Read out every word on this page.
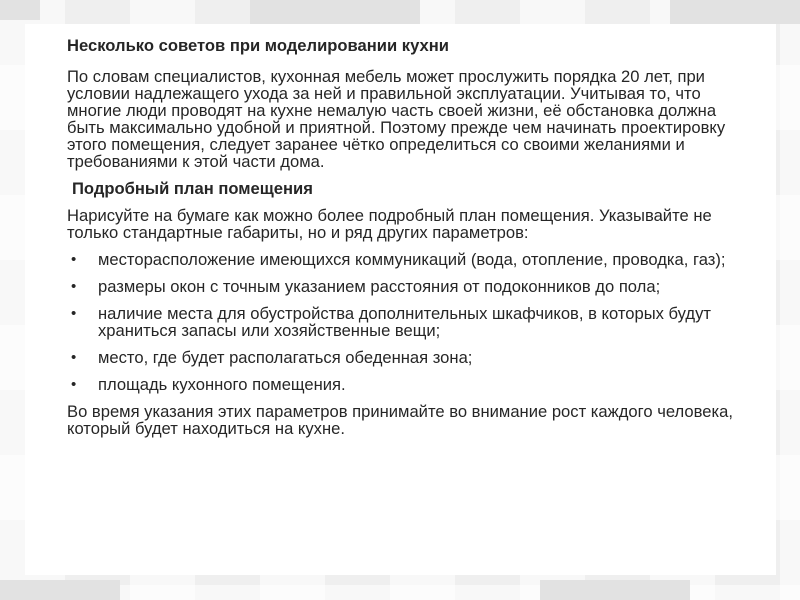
Несколько советов при моделировании кухни
По словам специалистов, кухонная мебель может прослужить порядка 20 лет, при условии надлежащего ухода за ней и правильной эксплуатации. Учитывая то, что многие люди проводят на кухне немалую часть своей жизни, её обстановка должна быть максимально удобной и приятной. Поэтому прежде чем начинать проектировку этого помещения, следует заранее чётко определиться со своими желаниями и требованиями к этой части дома.
Подробный план помещения
Нарисуйте на бумаге как можно более подробный план помещения. Указывайте не только стандартные габариты, но и ряд других параметров:
• месторасположение имеющихся коммуникаций (вода, отопление, проводка, газ);
• размеры окон с точным указанием расстояния от подоконников до пола;
• наличие места для обустройства дополнительных шкафчиков, в которых будут храниться запасы или хозяйственные вещи;
• место, где будет располагаться обеденная зона;
• площадь кухонного помещения.
Во время указания этих параметров принимайте во внимание рост каждого человека, который будет находиться на кухне.
